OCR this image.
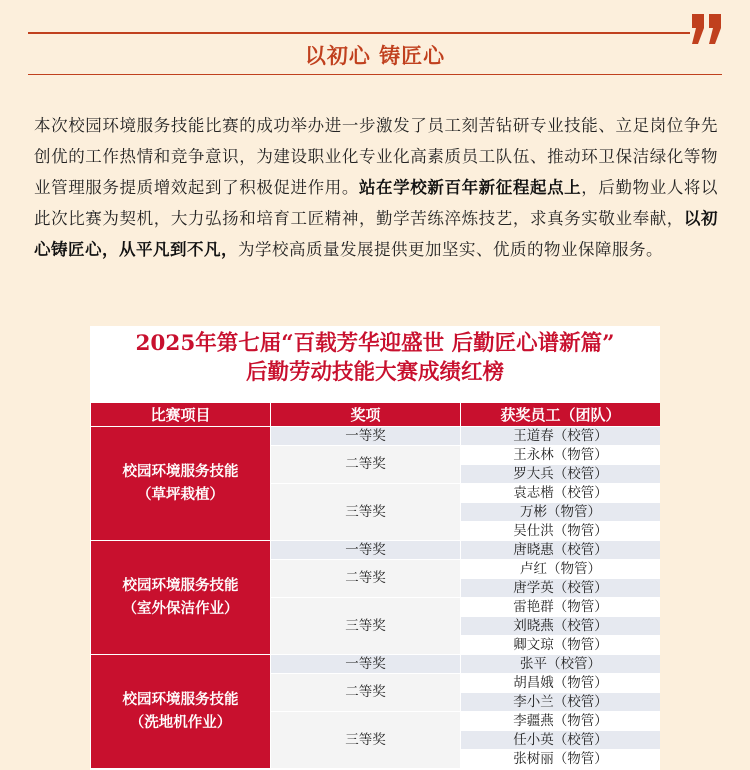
以初心 铸匠心
本次校园环境服务技能比赛的成功举办进一步激发了员工刻苦钻研专业技能、立足岗位争先创优的工作热情和竞争意识，为建设职业化专业化高素质员工队伍、推动环卫保洁绿化等物业管理服务提质增效起到了积极促进作用。站在学校新百年新征程起点上，后勤物业人将以此次比赛为契机，大力弘扬和培育工匠精神，勤学苦练淬炼技艺，求真务实敬业奉献，以初心铸匠心，从平凡到不凡，为学校高质量发展提供更加坚实、优质的物业保障服务。
2025年第七届“百载芳华迎盛世 后勤匠心谱新篇”
后勤劳动技能大赛成绩红榜
比赛项目	奖项	获奖员工（团队）

校园环境服务技能
（草坪栽植）	一等奖	王道春（校管）
	二等奖	王永林（物管）
		罗大兵（校管）
	三等奖	袁志楷（校管）
		万彬（物管）
		吴仕洪（物管）

校园环境服务技能
（室外保洁作业）	一等奖	唐晓惠（校管）
	二等奖	卢红（物管）
		唐学英（校管）
	三等奖	雷艳群（物管）
		刘晓燕（校管）
		卿文琼（物管）

校园环境服务技能
（洗地机作业）	一等奖	张平（校管）
	二等奖	胡昌娥（物管）
		李小兰（校管）
	三等奖	李疆燕（物管）
		任小英（校管）
		张树丽（物管）
